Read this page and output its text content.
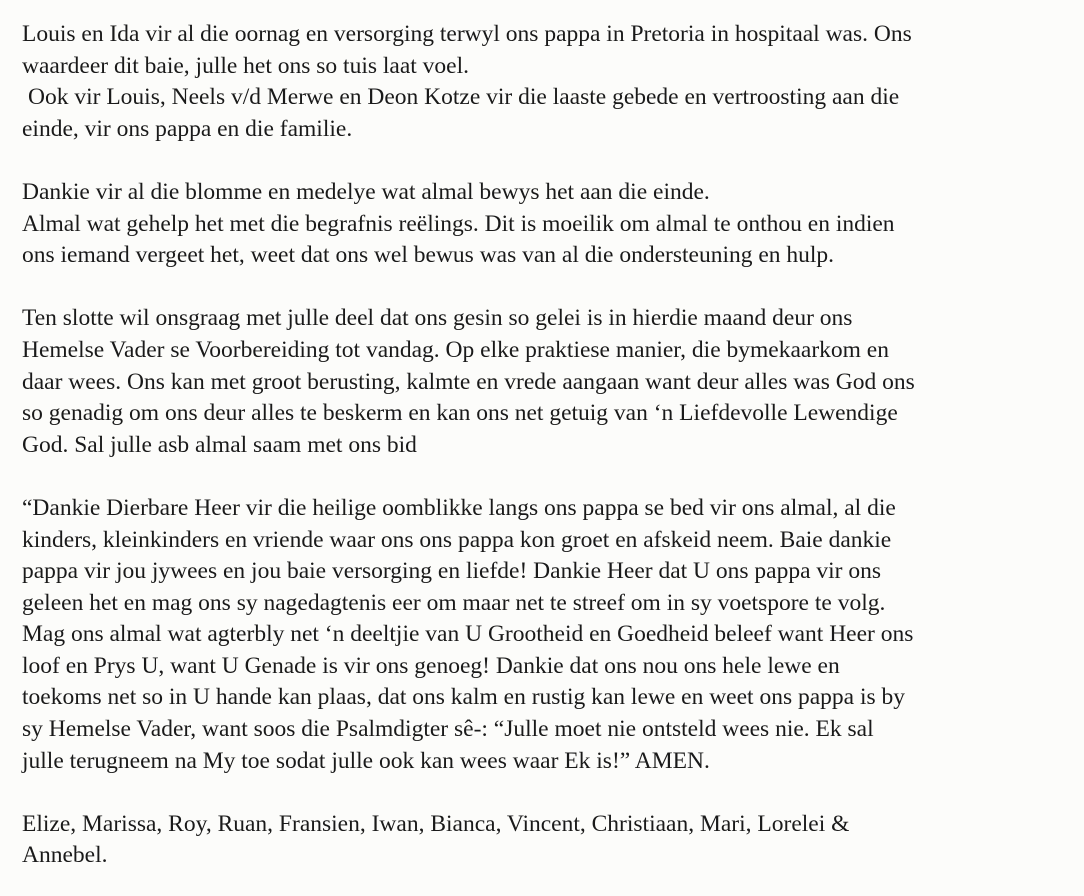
Louis en Ida vir al die oornag en versorging terwyl ons pappa in Pretoria in hospitaal was. Ons
waardeer dit baie, julle het ons so tuis laat voel.
Ook vir Louis, Neels v/d Merwe en Deon Kotze vir die laaste gebede en vertroosting aan die
einde, vir ons pappa en die familie.
Dankie vir al die blomme en medelye wat almal bewys het aan die einde.
Almal wat gehelp het met die begrafnis reëlings. Dit is moeilik om almal te onthou en indien
ons iemand vergeet het, weet dat ons wel bewus was van al die ondersteuning en hulp.
Ten slotte wil onsgraag met julle deel dat ons gesin so gelei is in hierdie maand deur ons
Hemelse Vader se Voorbereiding tot vandag. Op elke praktiese manier, die bymekaarkom en
daar wees. Ons kan met groot berusting, kalmte en vrede aangaan want deur alles was God ons
so genadig om ons deur alles te beskerm en kan ons net getuig van ‘n Liefdevolle Lewendige
God. Sal julle asb almal saam met ons bid
“Dankie Dierbare Heer vir die heilige oomblikke langs ons pappa se bed vir ons almal, al die
kinders, kleinkinders en vriende waar ons ons pappa kon groet en afskeid neem. Baie dankie
pappa vir jou jywees en jou baie versorging en liefde! Dankie Heer dat U ons pappa vir ons
geleen het en mag ons sy nagedagtenis eer om maar net te streef om in sy voetspore te volg.
Mag ons almal wat agterbly net ‘n deeltjie van U Grootheid en Goedheid beleef want Heer ons
loof en Prys U, want U Genade is vir ons genoeg! Dankie dat ons nou ons hele lewe en
toekoms net so in U hande kan plaas, dat ons kalm en rustig kan lewe en weet ons pappa is by
sy Hemelse Vader, want soos die Psalmdigter sê-: “Julle moet nie ontsteld wees nie. Ek sal
julle terugneem na My toe sodat julle ook kan wees waar Ek is!” AMEN.
Elize, Marissa, Roy, Ruan, Fransien, Iwan, Bianca, Vincent, Christiaan, Mari, Lorelei &
Annebel.
